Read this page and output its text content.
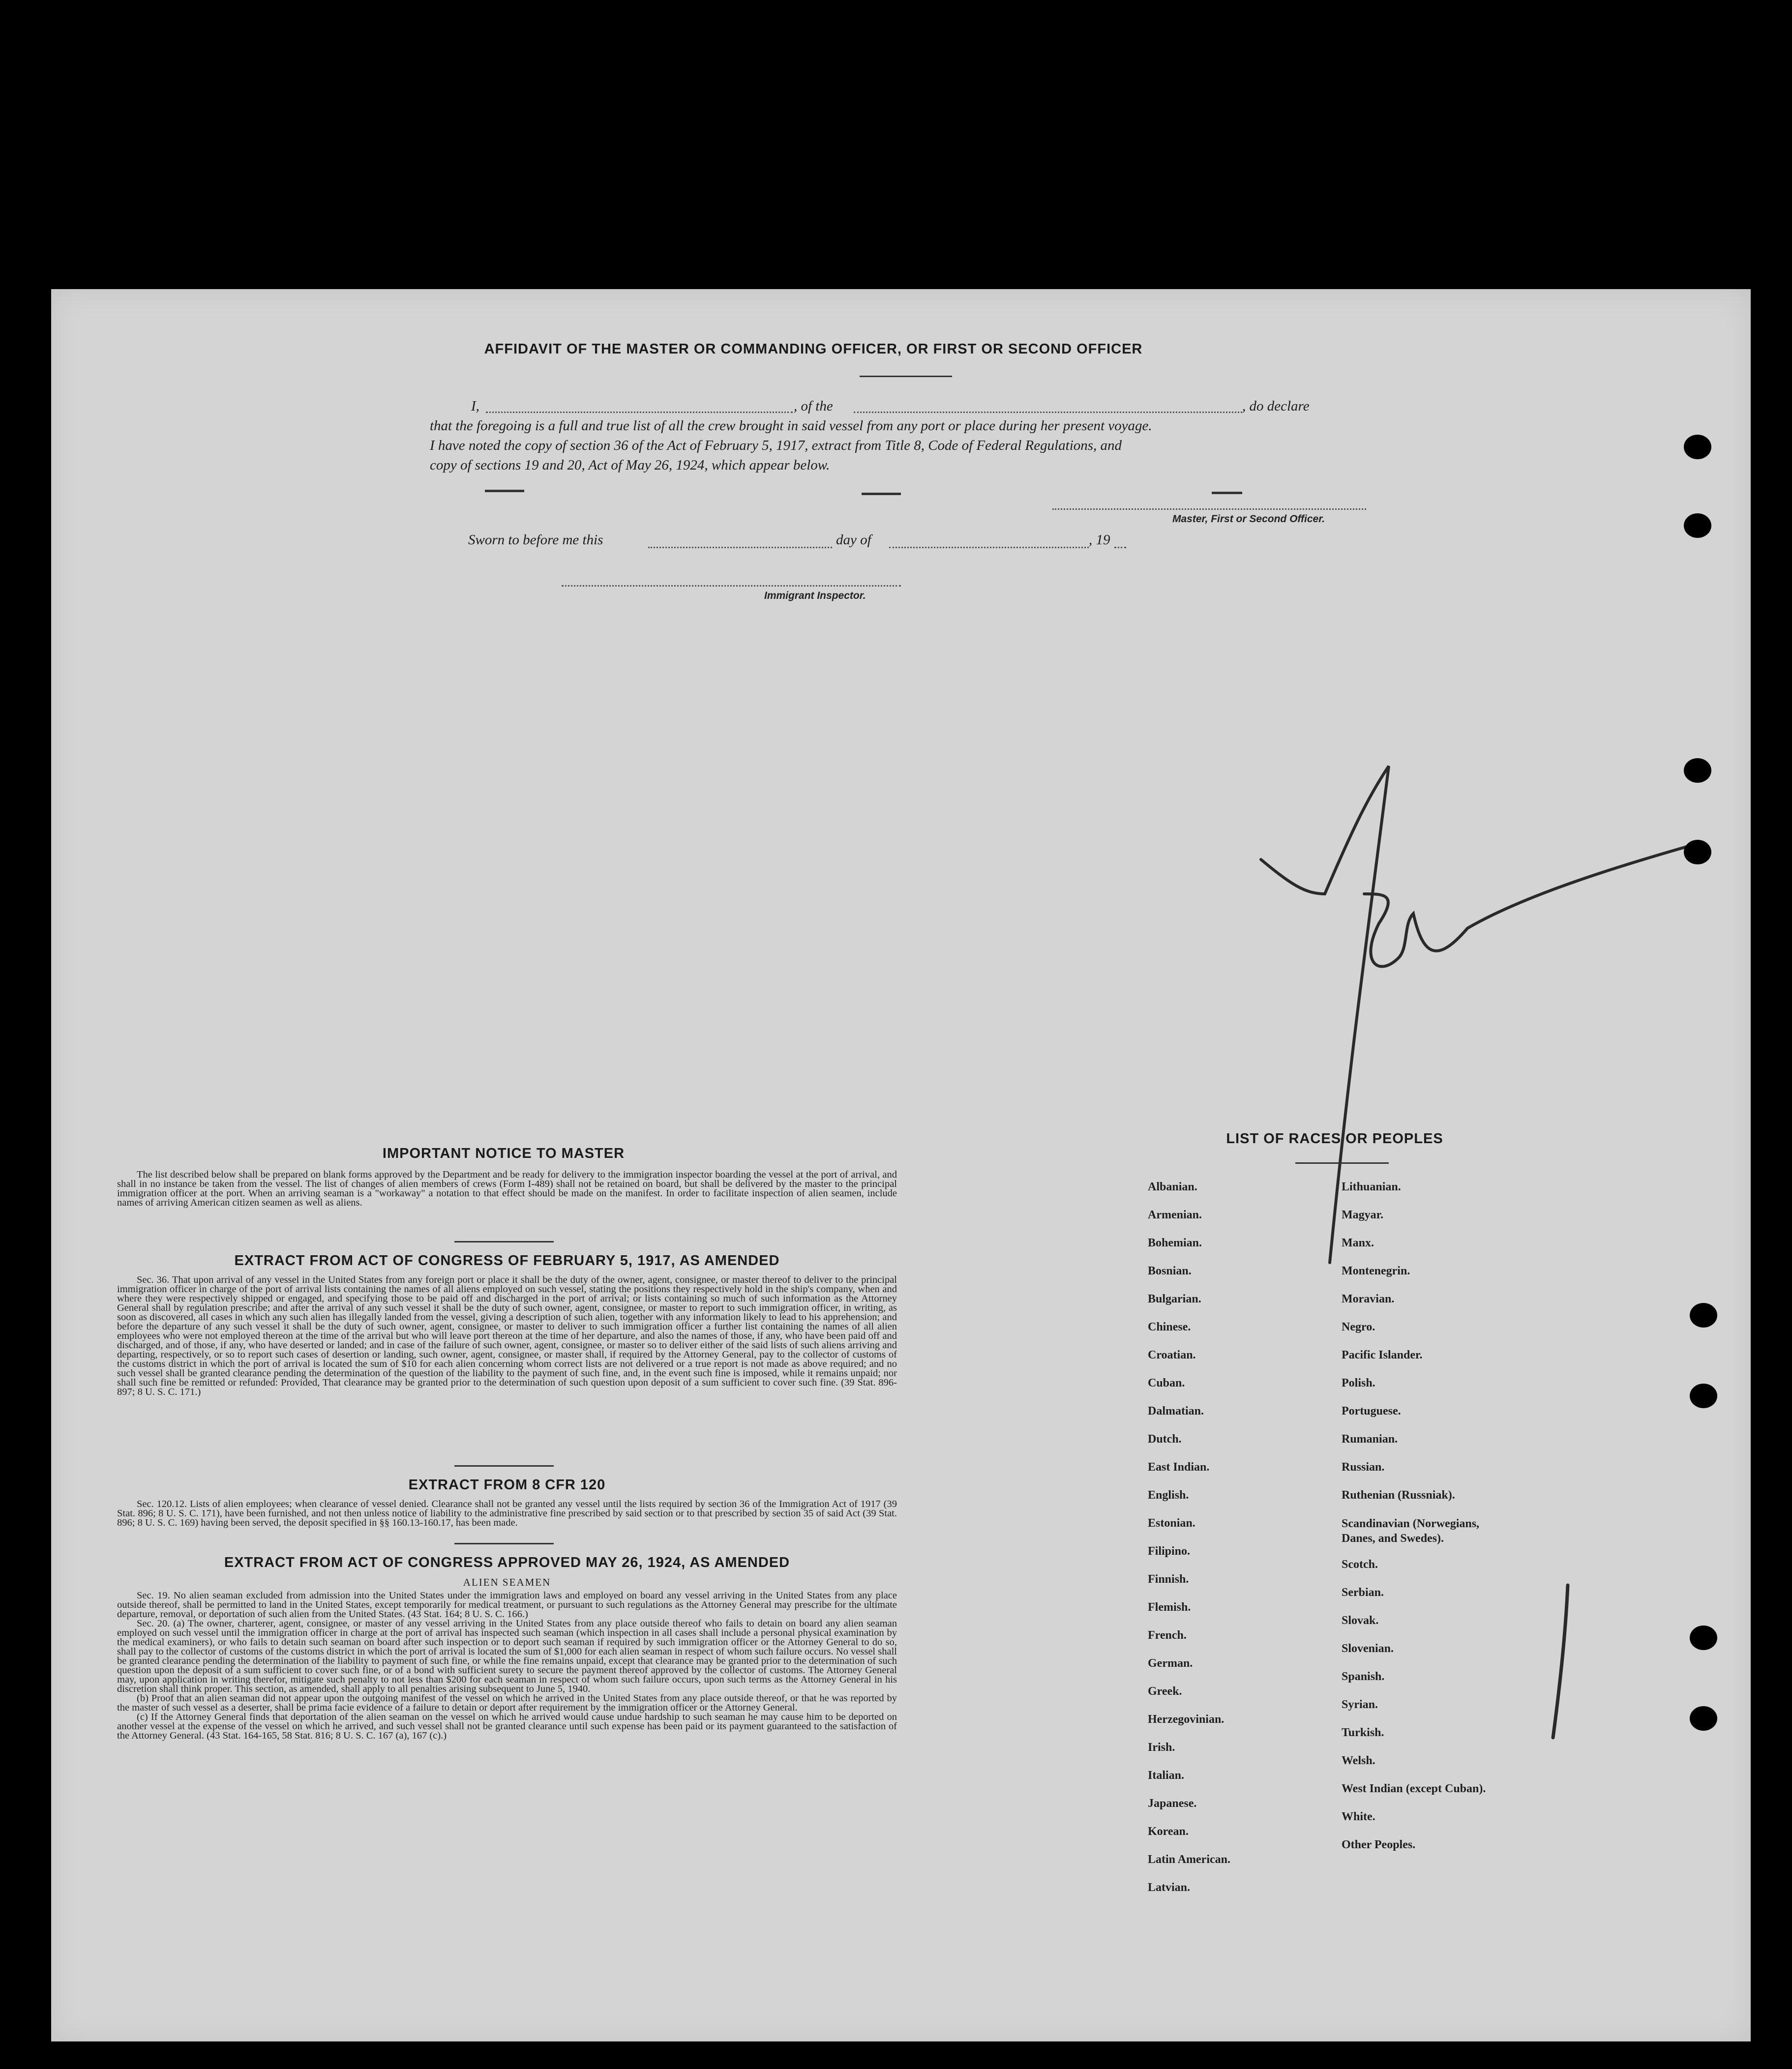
AFFIDAVIT OF THE MASTER OR COMMANDING OFFICER, OR FIRST OR SECOND OFFICER
I,	, of the	, do declare
that the foregoing is a full and true list of all the crew brought in said vessel from any port or place during her present voyage.
I have noted the copy of section 36 of the Act of February 5, 1917, extract from Title 8, Code of Federal Regulations, and
copy of sections 19 and 20, Act of May 26, 1924, which appear below.
Master, First or Second Officer.
Sworn to before me this	day of	, 19
Immigrant Inspector.
IMPORTANT NOTICE TO MASTER
The list described below shall be prepared on blank forms approved by the Department and be ready for delivery to the immigration inspector boarding the vessel at the port of arrival, and shall in no instance be taken from the vessel. The list of changes of alien members of crews (Form I-489) shall not be retained on board, but shall be delivered by the master to the principal immigration officer at the port. When an arriving seaman is a "workaway" a notation to that effect should be made on the manifest. In order to facilitate inspection of alien seamen, include names of arriving American citizen seamen as well as aliens.
EXTRACT FROM ACT OF CONGRESS OF FEBRUARY 5, 1917, AS AMENDED
Sec. 36. That upon arrival of any vessel in the United States from any foreign port or place it shall be the duty of the owner, agent, consignee, or master thereof to deliver to the principal immigration officer in charge of the port of arrival lists containing the names of all aliens employed on such vessel, stating the positions they respectively hold in the ship's company, when and where they were respectively shipped or engaged, and specifying those to be paid off and discharged in the port of arrival; or lists containing so much of such information as the Attorney General shall by regulation prescribe; and after the arrival of any such vessel it shall be the duty of such owner, agent, consignee, or master to report to such immigration officer, in writing, as soon as discovered, all cases in which any such alien has illegally landed from the vessel, giving a description of such alien, together with any information likely to lead to his apprehension; and before the departure of any such vessel it shall be the duty of such owner, agent, consignee, or master to deliver to such immigration officer a further list containing the names of all alien employees who were not employed thereon at the time of the arrival but who will leave port thereon at the time of her departure, and also the names of those, if any, who have been paid off and discharged, and of those, if any, who have deserted or landed; and in case of the failure of such owner, agent, consignee, or master so to deliver either of the said lists of such aliens arriving and departing, respectively, or so to report such cases of desertion or landing, such owner, agent, consignee, or master shall, if required by the Attorney General, pay to the collector of customs of the customs district in which the port of arrival is located the sum of $10 for each alien concerning whom correct lists are not delivered or a true report is not made as above required; and no such vessel shall be granted clearance pending the determination of the question of the liability to the payment of such fine, and, in the event such fine is imposed, while it remains unpaid; nor shall such fine be remitted or refunded: Provided, That clearance may be granted prior to the determination of such question upon deposit of a sum sufficient to cover such fine. (39 Stat. 896-897; 8 U. S. C. 171.)
EXTRACT FROM 8 CFR 120
Sec. 120.12. Lists of alien employees; when clearance of vessel denied. Clearance shall not be granted any vessel until the lists required by section 36 of the Immigration Act of 1917 (39 Stat. 896; 8 U. S. C. 171), have been furnished, and not then unless notice of liability to the administrative fine prescribed by said section or to that prescribed by section 35 of said Act (39 Stat. 896; 8 U. S. C. 169) having been served, the deposit specified in §§ 160.13-160.17, has been made.
EXTRACT FROM ACT OF CONGRESS APPROVED MAY 26, 1924, AS AMENDED
ALIEN SEAMEN
Sec. 19. No alien seaman excluded from admission into the United States under the immigration laws and employed on board any vessel arriving in the United States from any place outside thereof, shall be permitted to land in the United States, except temporarily for medical treatment, or pursuant to such regulations as the Attorney General may prescribe for the ultimate departure, removal, or deportation of such alien from the United States. (43 Stat. 164; 8 U. S. C. 166.)
Sec. 20. (a) The owner, charterer, agent, consignee, or master of any vessel arriving in the United States from any place outside thereof who fails to detain on board any alien seaman employed on such vessel until the immigration officer in charge at the port of arrival has inspected such seaman (which inspection in all cases shall include a personal physical examination by the medical examiners), or who fails to detain such seaman on board after such inspection or to deport such seaman if required by such immigration officer or the Attorney General to do so, shall pay to the collector of customs of the customs district in which the port of arrival is located the sum of $1,000 for each alien seaman in respect of whom such failure occurs. No vessel shall be granted clearance pending the determination of the liability to payment of such fine, or while the fine remains unpaid, except that clearance may be granted prior to the determination of such question upon the deposit of a sum sufficient to cover such fine, or of a bond with sufficient surety to secure the payment thereof approved by the collector of customs. The Attorney General may, upon application in writing therefor, mitigate such penalty to not less than $200 for each seaman in respect of whom such failure occurs, upon such terms as the Attorney General in his discretion shall think proper. This section, as amended, shall apply to all penalties arising subsequent to June 5, 1940.
(b) Proof that an alien seaman did not appear upon the outgoing manifest of the vessel on which he arrived in the United States from any place outside thereof, or that he was reported by the master of such vessel as a deserter, shall be prima facie evidence of a failure to detain or deport after requirement by the immigration officer or the Attorney General.
(c) If the Attorney General finds that deportation of the alien seaman on the vessel on which he arrived would cause undue hardship to such seaman he may cause him to be deported on another vessel at the expense of the vessel on which he arrived, and such vessel shall not be granted clearance until such expense has been paid or its payment guaranteed to the satisfaction of the Attorney General. (43 Stat. 164-165, 58 Stat. 816; 8 U. S. C. 167 (a), 167 (c).)
LIST OF RACES OR PEOPLES
Albanian.
Armenian.
Bohemian.
Bosnian.
Bulgarian.
Chinese.
Croatian.
Cuban.
Dalmatian.
Dutch.
East Indian.
English.
Estonian.
Filipino.
Finnish.
Flemish.
French.
German.
Greek.
Herzegovinian.
Irish.
Italian.
Japanese.
Korean.
Latin American.
Latvian.
Lithuanian.
Magyar.
Manx.
Montenegrin.
Moravian.
Negro.
Pacific Islander.
Polish.
Portuguese.
Rumanian.
Russian.
Ruthenian (Russniak).
Scandinavian (Norwegians, Danes, and Swedes).
Scotch.
Serbian.
Slovak.
Slovenian.
Spanish.
Syrian.
Turkish.
Welsh.
West Indian (except Cuban).
White.
Other Peoples.
